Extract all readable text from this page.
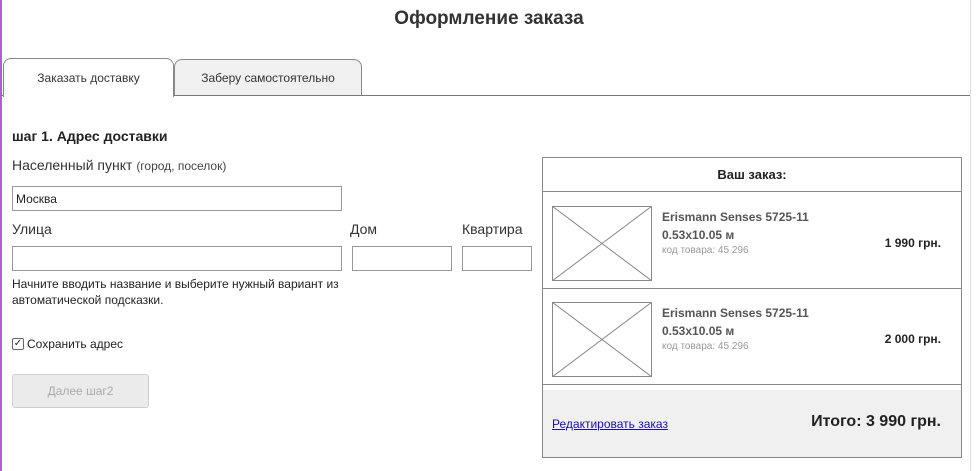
Оформление заказа
Заказать доставку	Заберу самостоятельно
шаг 1. Адрес доставки
Населенный пункт (город, поселок)
Москва
Улица	Дом	Квартира
Начните вводить название и выберите нужный вариант из автоматической подсказки.
✓ Сохранить адрес
Далее шаг2
Ваш заказ:
Erismann Senses 5725-11
0.53x10.05 м
код товара: 45 296
1 990 грн.
Erismann Senses 5725-11
0.53x10.05 м
код товара: 45 296
2 000 грн.
Редактировать заказ	Итого: 3 990 грн.
